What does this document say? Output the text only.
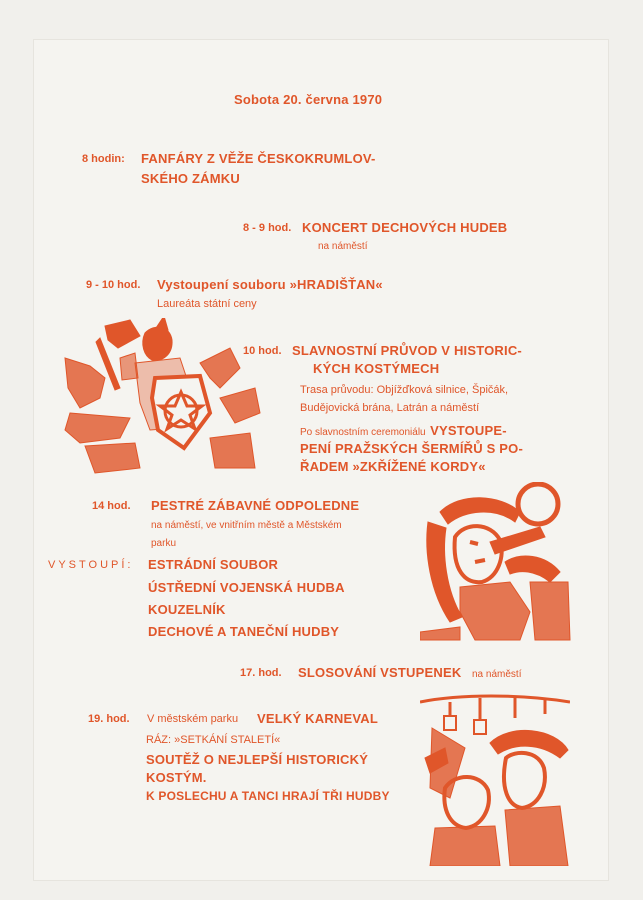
Sobota 20. června 1970
8 hodin: FANFÁRY Z VĚŽE ČESKOKRUMLOV-
SKÉHO ZÁMKU
8 - 9 hod. KONCERT DECHOVÝCH HUDEB
na náměstí
9 - 10 hod. Vystoupení souboru »HRADIŠŤAN«
Laureáta státní ceny
10 hod. SLAVNOSTNÍ PRŮVOD V HISTORIC-
KÝCH KOSTÝMECH
Trasa průvodu: Objížďková silnice, Špičák,
Budějovická brána, Latrán a náměstí
Po slavnostním ceremoniálu VYSTOUPE-
PENÍ PRAŽSKÝCH ŠERMÍŘŮ S PO-
ŘADEM »ZKŘÍŽENÉ KORDY«
14 hod. PESTRÉ ZÁBAVNÉ ODPOLEDNE
na náměstí, ve vnitřním městě a Městském
parku
VYSTOUPÍ: ESTRÁDNÍ SOUBOR
ÚSTŘEDNÍ VOJENSKÁ HUDBA
KOUZELNÍK
DECHOVÉ A TANEČNÍ HUDBY
17. hod. SLOSOVÁNÍ VSTUPENEK na náměstí
19. hod. V městském parku VELKÝ KARNEVAL
RÁZ: »SETKÁNÍ STALETÍ«
SOUTĚŽ O NEJLEPŠÍ HISTORICKÝ
KOSTÝM.
K POSLECHU A TANCI HRAJÍ TŘI HUDBY
